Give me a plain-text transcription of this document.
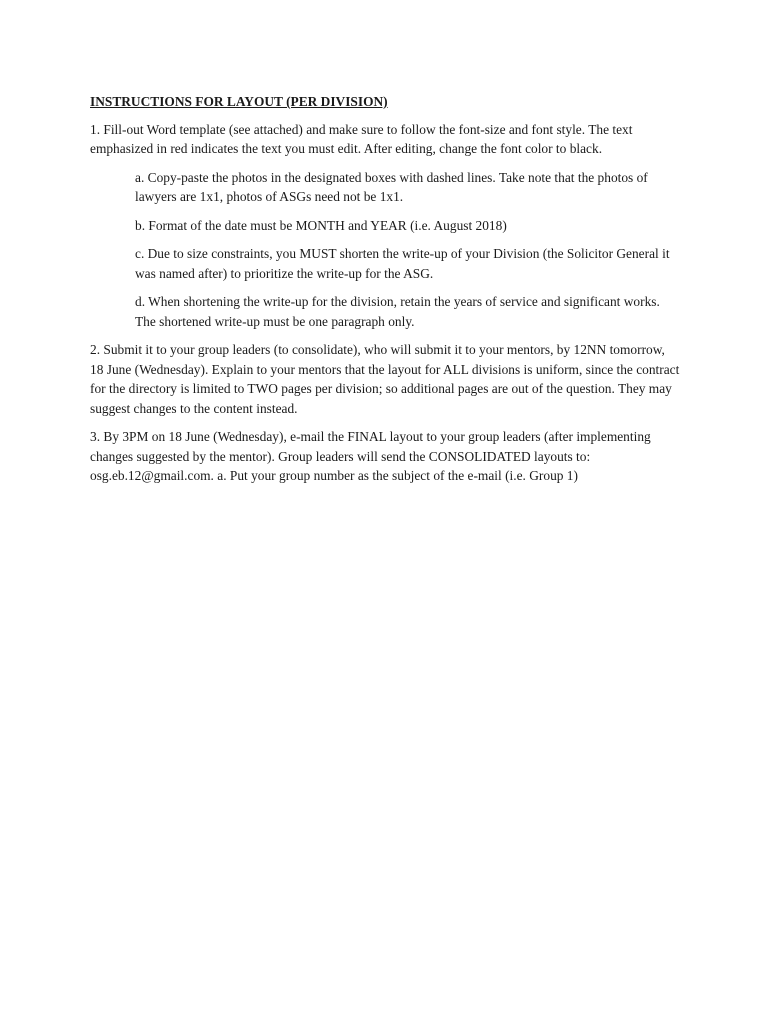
INSTRUCTIONS FOR LAYOUT (PER DIVISION)

1. Fill-out Word template (see attached) and make sure to follow the font-size and font style. The text emphasized in red indicates the text you must edit. After editing, change the font color to black.

a. Copy-paste the photos in the designated boxes with dashed lines. Take note that the photos of lawyers are 1x1, photos of ASGs need not be 1x1.

b. Format of the date must be MONTH and YEAR (i.e. August 2018)

c. Due to size constraints, you MUST shorten the write-up of your Division (the Solicitor General it was named after) to prioritize the write-up for the ASG.

d. When shortening the write-up for the division, retain the years of service and significant works. The shortened write-up must be one paragraph only.

2. Submit it to your group leaders (to consolidate), who will submit it to your mentors, by 12NN tomorrow, 18 June (Wednesday). Explain to your mentors that the layout for ALL divisions is uniform, since the contract for the directory is limited to TWO pages per division; so additional pages are out of the question. They may suggest changes to the content instead.

3. By 3PM on 18 June (Wednesday), e-mail the FINAL layout to your group leaders (after implementing changes suggested by the mentor). Group leaders will send the CONSOLIDATED layouts to: osg.eb.12@gmail.com. a. Put your group number as the subject of the e-mail (i.e. Group 1)
